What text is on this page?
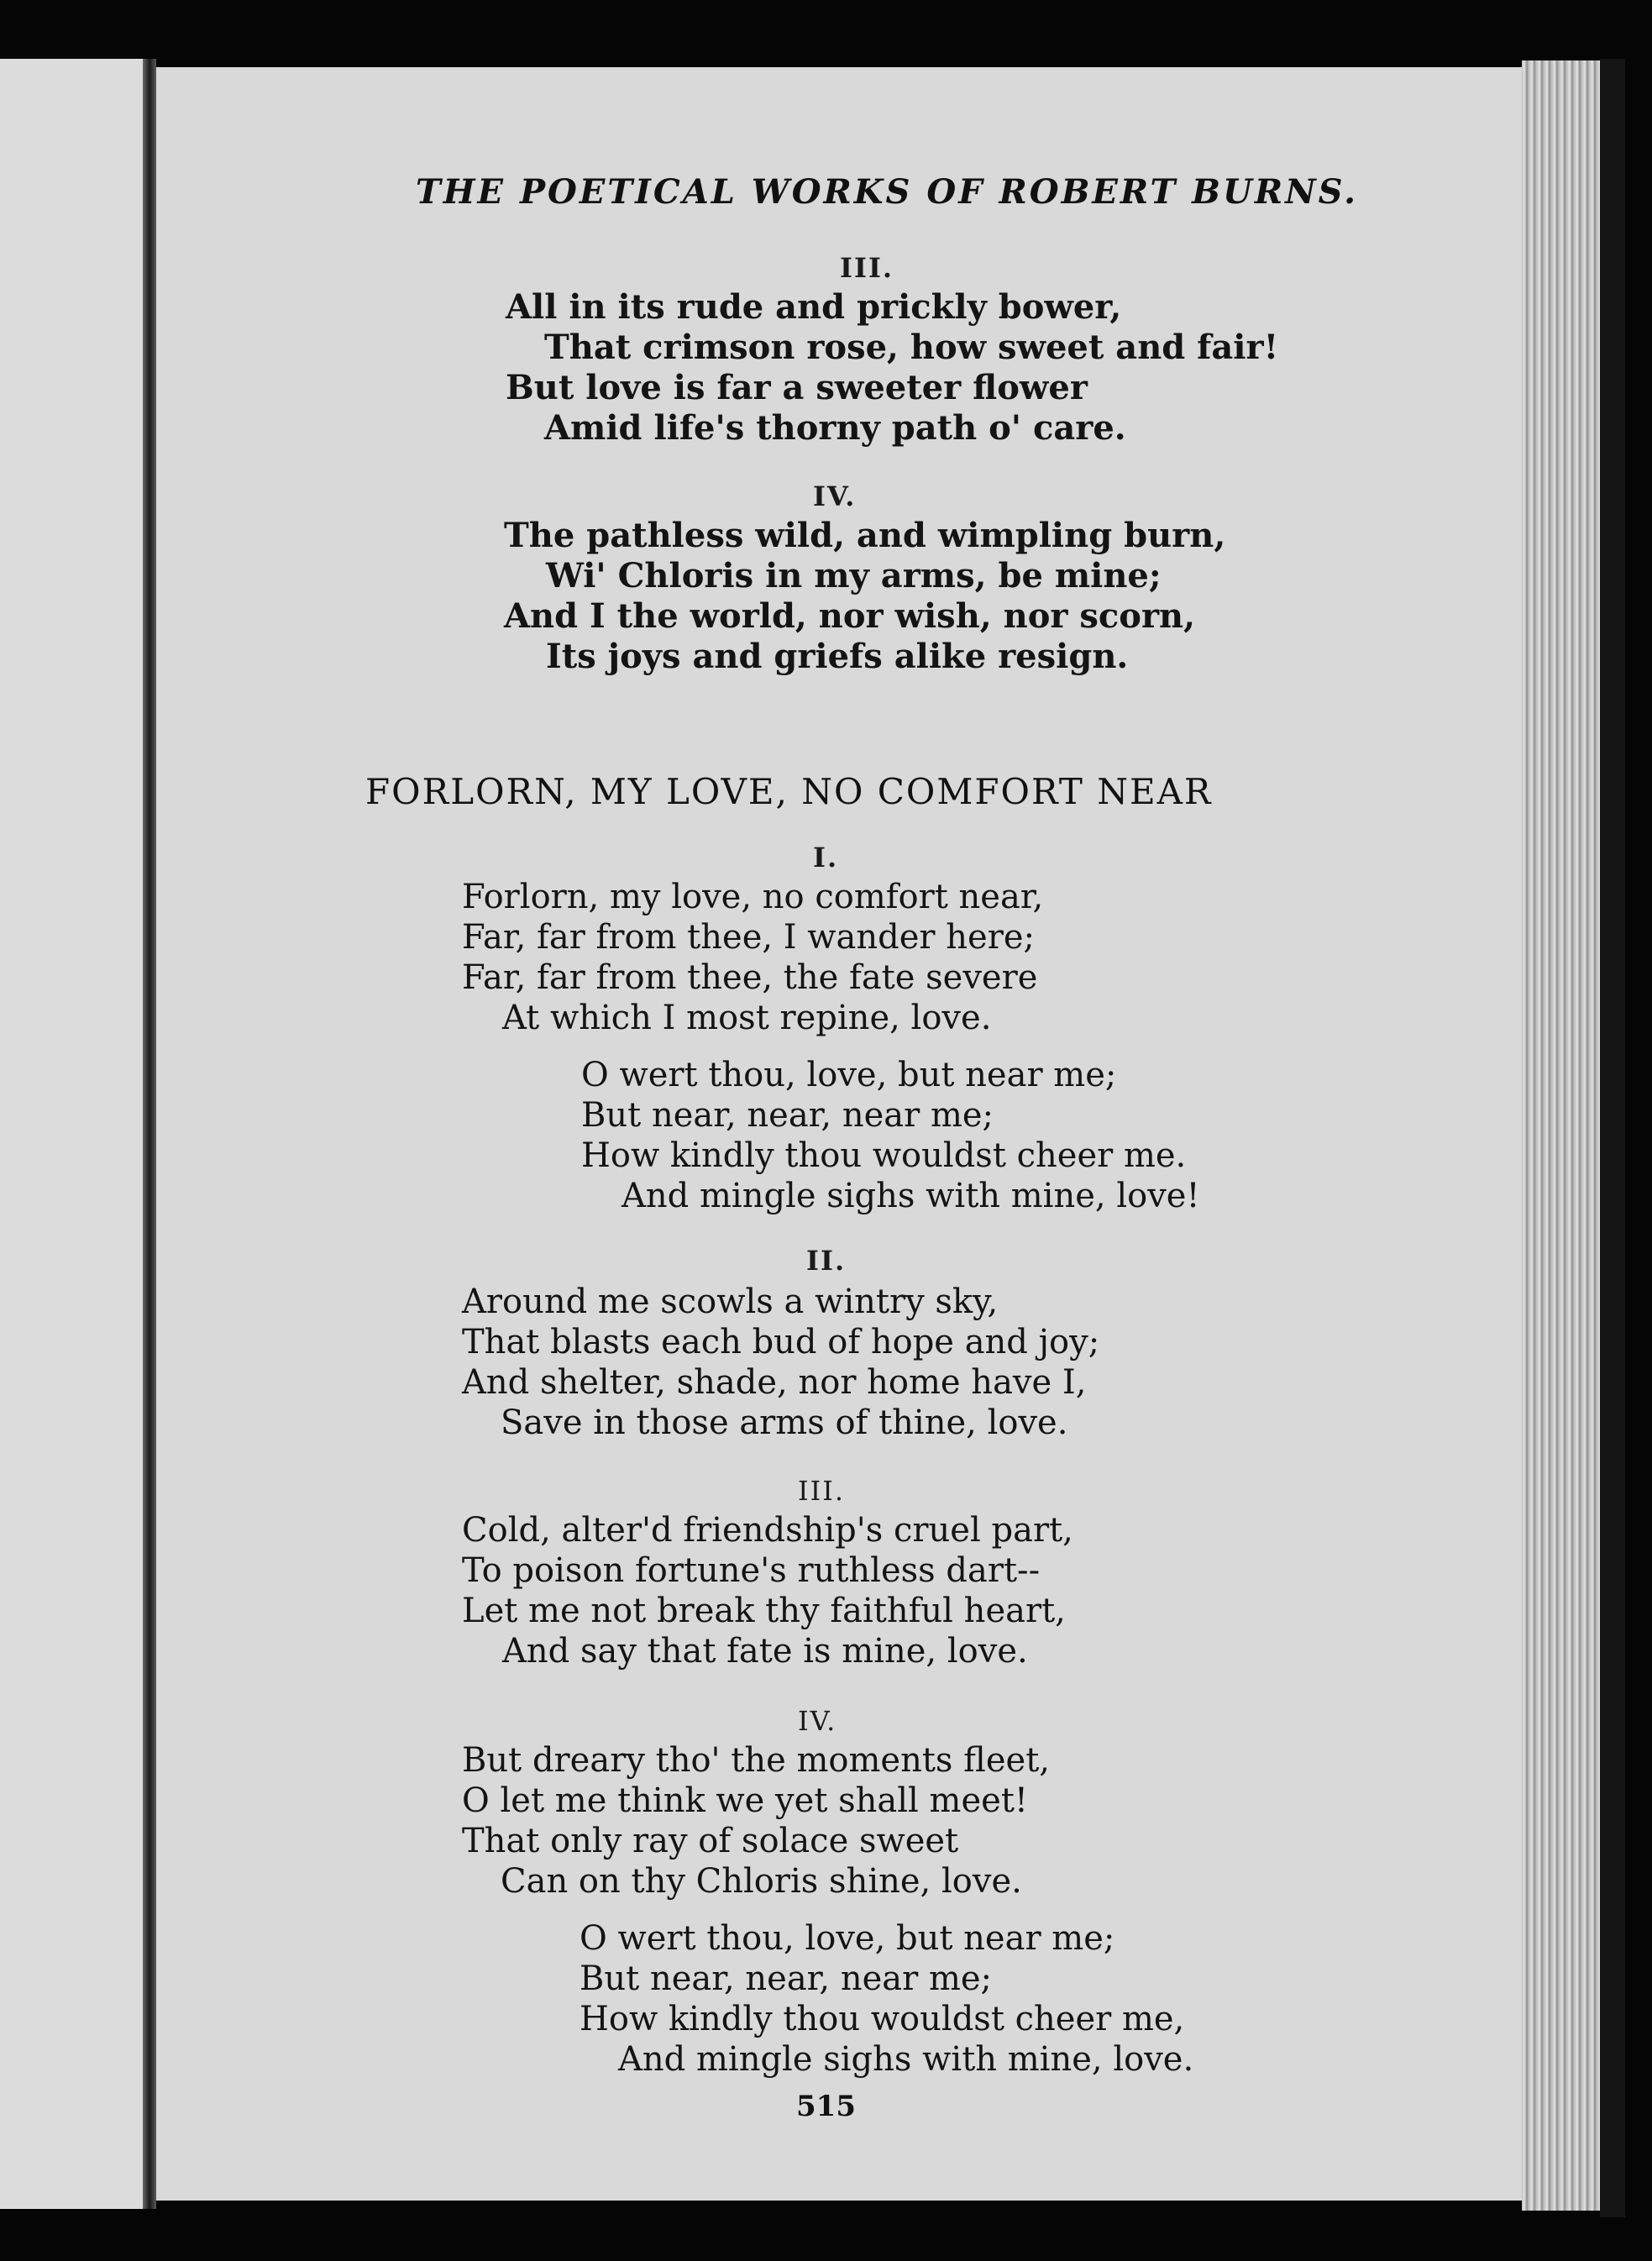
THE POETICAL WORKS OF ROBERT BURNS.
III.
All in its rude and prickly bower,
That crimson rose, how sweet and fair!
But love is far a sweeter flower
Amid life's thorny path o' care.
IV.
The pathless wild, and wimpling burn,
Wi' Chloris in my arms, be mine;
And I the world, nor wish, nor scorn,
Its joys and griefs alike resign.
FORLORN, MY LOVE, NO COMFORT NEAR
I.
Forlorn, my love, no comfort near,
Far, far from thee, I wander here;
Far, far from thee, the fate severe
At which I most repine, love.
O wert thou, love, but near me;
But near, near, near me;
How kindly thou wouldst cheer me.
And mingle sighs with mine, love!
II.
Around me scowls a wintry sky,
That blasts each bud of hope and joy;
And shelter, shade, nor home have I,
Save in those arms of thine, love.
III.
Cold, alter'd friendship's cruel part,
To poison fortune's ruthless dart--
Let me not break thy faithful heart,
And say that fate is mine, love.
IV.
But dreary tho' the moments fleet,
O let me think we yet shall meet!
That only ray of solace sweet
Can on thy Chloris shine, love.
O wert thou, love, but near me;
But near, near, near me;
How kindly thou wouldst cheer me,
And mingle sighs with mine, love.
515
